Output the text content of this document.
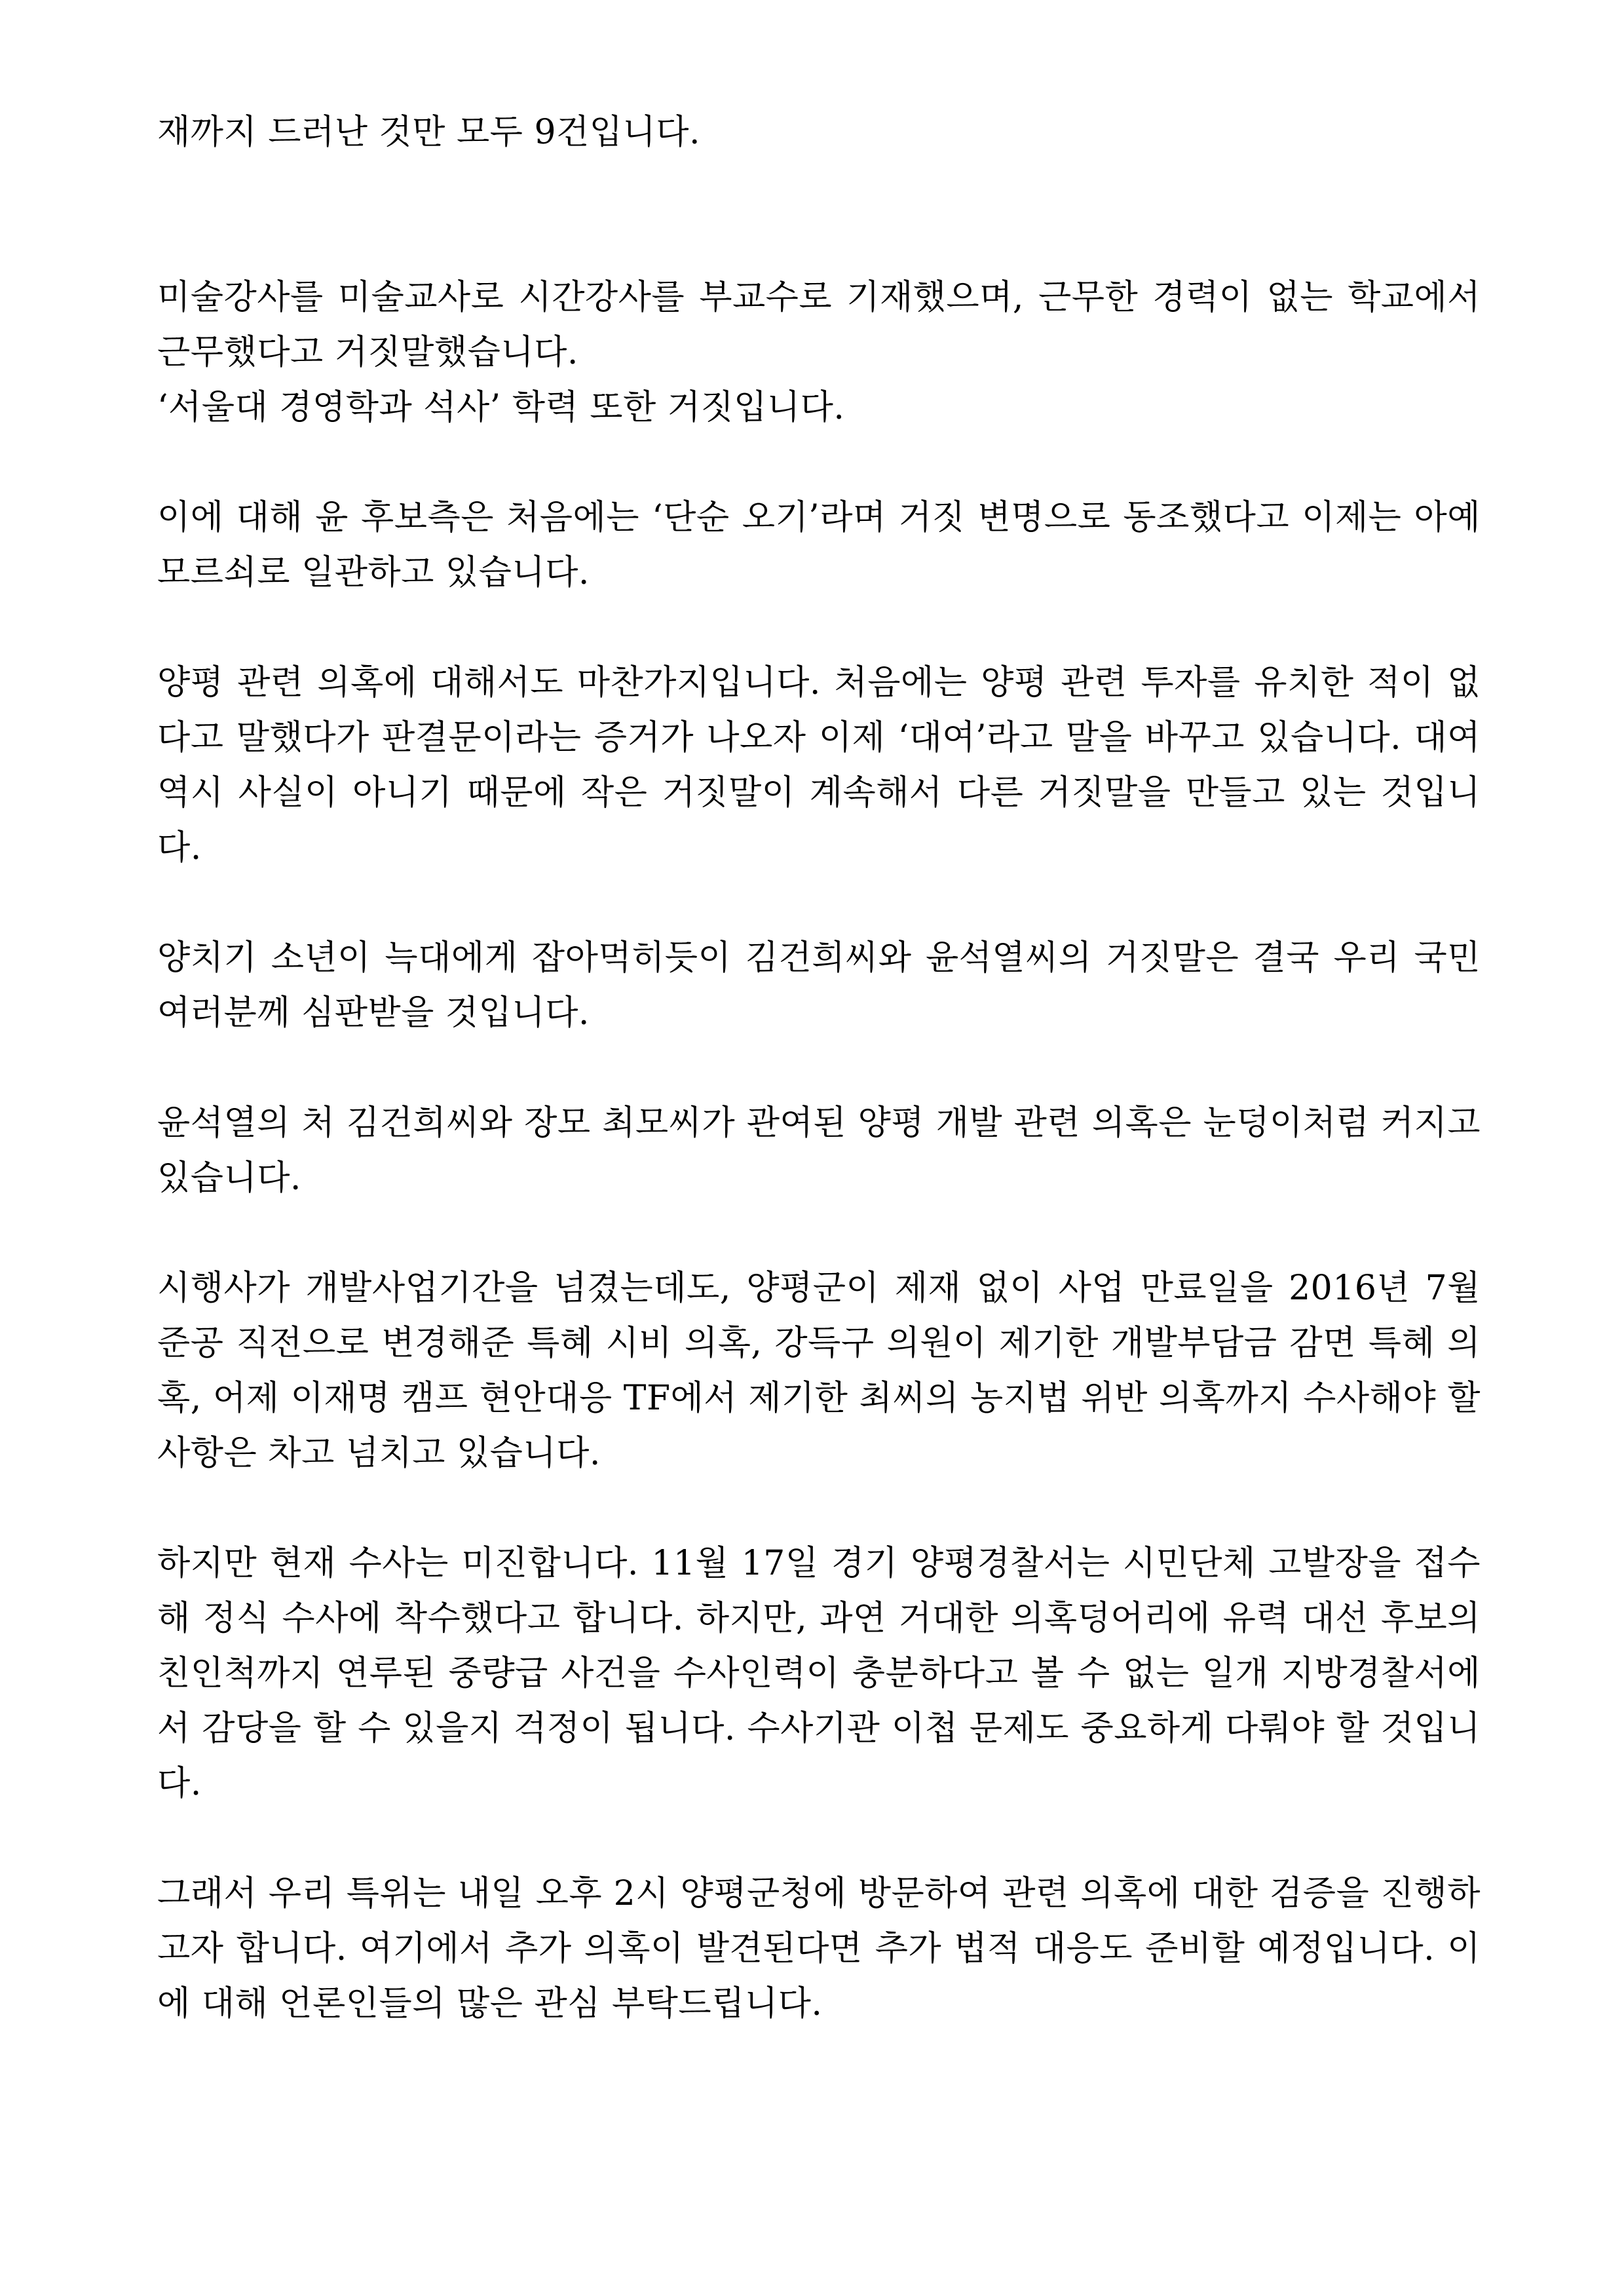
재까지 드러난 것만 모두 9건입니다.

미술강사를 미술교사로 시간강사를 부교수로 기재했으며, 근무한 경력이 없는 학교에서 근무했다고 거짓말했습니다.

‘서울대 경영학과 석사’ 학력 또한 거짓입니다.

이에 대해 윤 후보측은 처음에는 ‘단순 오기’라며 거짓 변명으로 동조했다고 이제는 아예 모르쇠로 일관하고 있습니다.

양평 관련 의혹에 대해서도 마찬가지입니다. 처음에는 양평 관련 투자를 유치한 적이 없다고 말했다가 판결문이라는 증거가 나오자 이제 ‘대여’라고 말을 바꾸고 있습니다. 대여 역시 사실이 아니기 때문에 작은 거짓말이 계속해서 다른 거짓말을 만들고 있는 것입니다.

양치기 소년이 늑대에게 잡아먹히듯이 김건희씨와 윤석열씨의 거짓말은 결국 우리 국민 여러분께 심판받을 것입니다.

윤석열의 처 김건희씨와 장모 최모씨가 관여된 양평 개발 관련 의혹은 눈덩이처럼 커지고 있습니다.

시행사가 개발사업기간을 넘겼는데도, 양평군이 제재 없이 사업 만료일을 2016년 7월 준공 직전으로 변경해준 특혜 시비 의혹, 강득구 의원이 제기한 개발부담금 감면 특혜 의혹, 어제 이재명 캠프 현안대응 TF에서 제기한 최씨의 농지법 위반 의혹까지 수사해야 할 사항은 차고 넘치고 있습니다.

하지만 현재 수사는 미진합니다. 11월 17일 경기 양평경찰서는 시민단체 고발장을 접수해 정식 수사에 착수했다고 합니다. 하지만, 과연 거대한 의혹덩어리에 유력 대선 후보의 친인척까지 연루된 중량급 사건을 수사인력이 충분하다고 볼 수 없는 일개 지방경찰서에서 감당을 할 수 있을지 걱정이 됩니다. 수사기관 이첩 문제도 중요하게 다뤄야 할 것입니다.

그래서 우리 특위는 내일 오후 2시 양평군청에 방문하여 관련 의혹에 대한 검증을 진행하고자 합니다. 여기에서 추가 의혹이 발견된다면 추가 법적 대응도 준비할 예정입니다. 이에 대해 언론인들의 많은 관심 부탁드립니다.
